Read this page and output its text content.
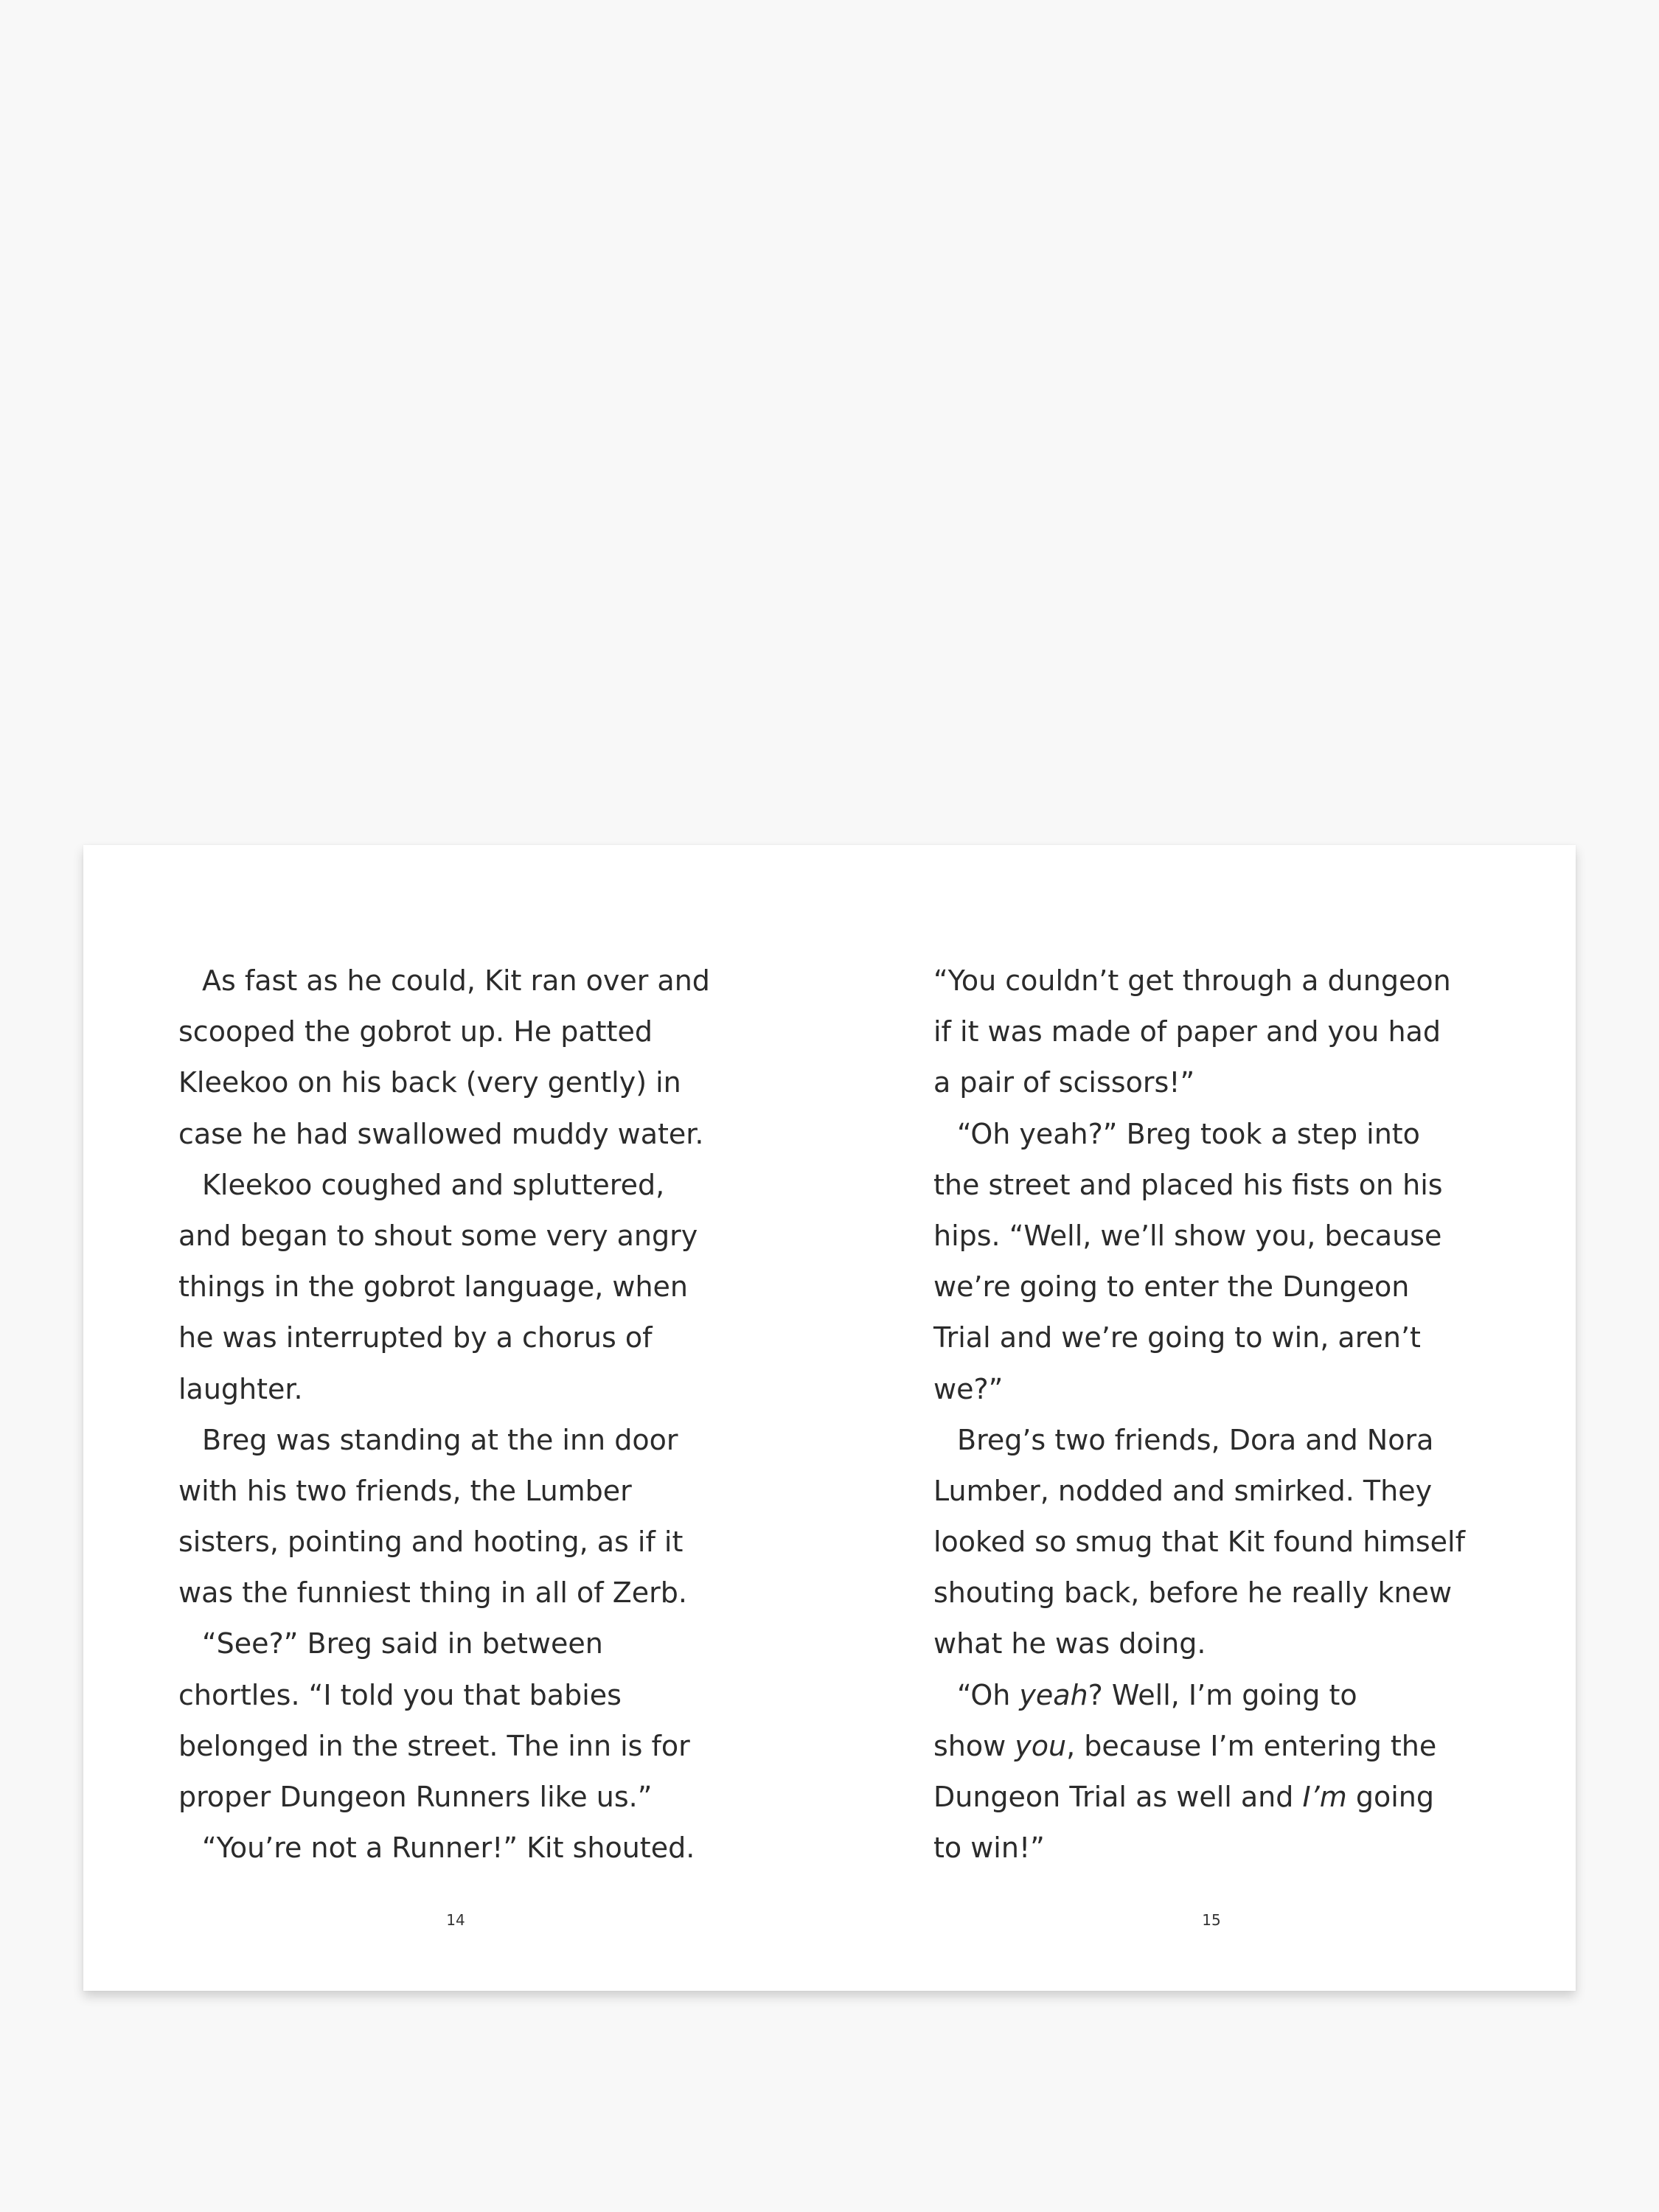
As fast as he could, Kit ran over and
scooped the gobrot up. He patted
Kleekoo on his back (very gently) in
case he had swallowed muddy water.
Kleekoo coughed and spluttered,
and began to shout some very angry
things in the gobrot language, when
he was interrupted by a chorus of
laughter.
Breg was standing at the inn door
with his two friends, the Lumber
sisters, pointing and hooting, as if it
was the funniest thing in all of Zerb.
“See?” Breg said in between
chortles. “I told you that babies
belonged in the street. The inn is for
proper Dungeon Runners like us.”
“You’re not a Runner!” Kit shouted.
14
“You couldn’t get through a dungeon
if it was made of paper and you had
a pair of scissors!”
“Oh yeah?” Breg took a step into
the street and placed his fists on his
hips. “Well, we’ll show you, because
we’re going to enter the Dungeon
Trial and we’re going to win, aren’t
we?”
Breg’s two friends, Dora and Nora
Lumber, nodded and smirked. They
looked so smug that Kit found himself
shouting back, before he really knew
what he was doing.
“Oh yeah? Well, I’m going to
show you, because I’m entering the
Dungeon Trial as well and I’m going
to win!”
15
